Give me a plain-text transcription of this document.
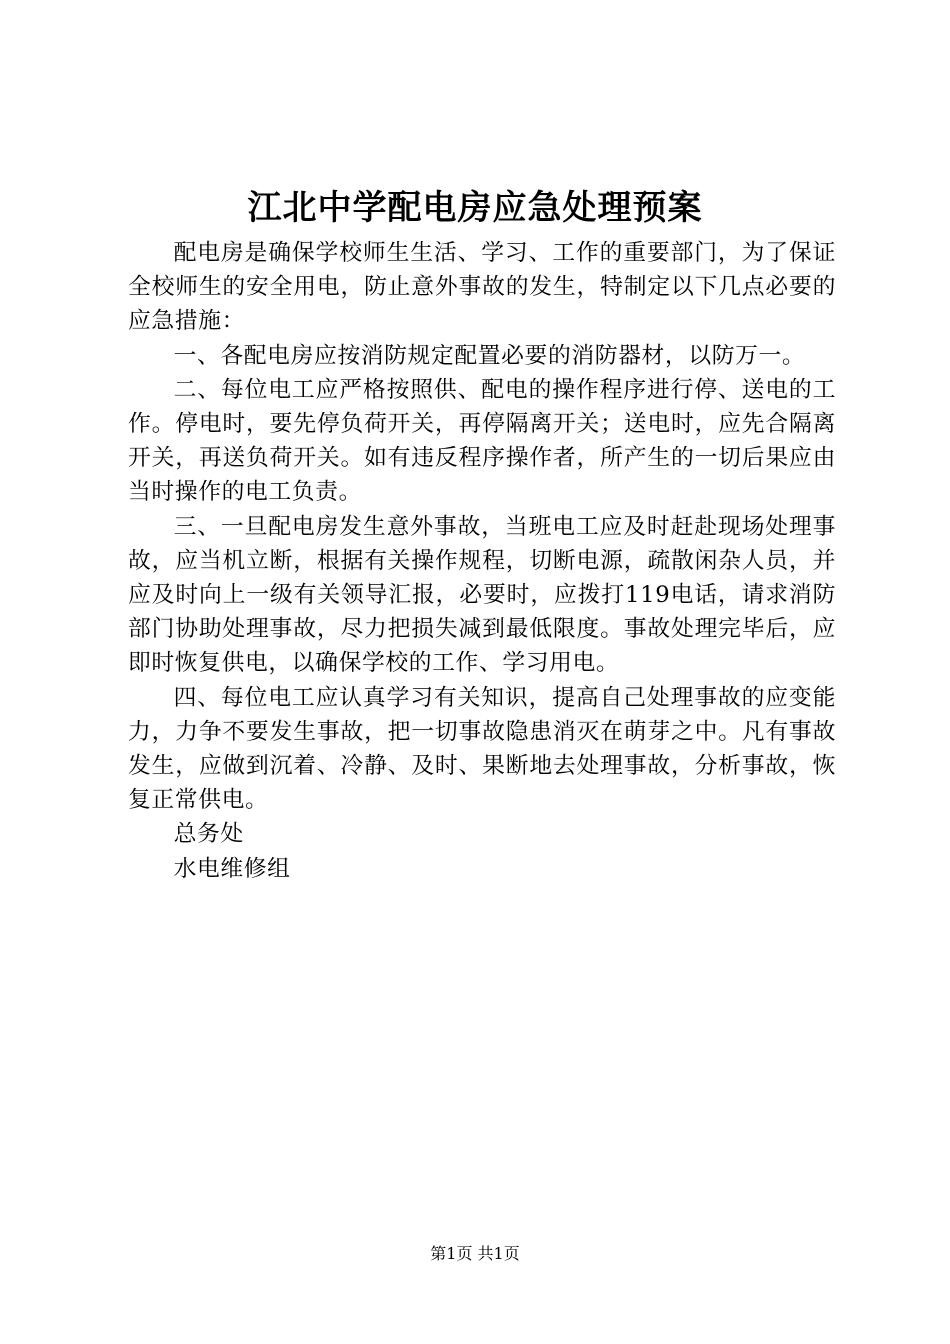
江北中学配电房应急处理预案

配电房是确保学校师生生活、学习、工作的重要部门，为了保证全校师生的安全用电，防止意外事故的发生，特制定以下几点必要的应急措施：

一、各配电房应按消防规定配置必要的消防器材，以防万一。

二、每位电工应严格按照供、配电的操作程序进行停、送电的工作。停电时，要先停负荷开关，再停隔离开关；送电时，应先合隔离开关，再送负荷开关。如有违反程序操作者，所产生的一切后果应由当时操作的电工负责。

三、一旦配电房发生意外事故，当班电工应及时赶赴现场处理事故，应当机立断，根据有关操作规程，切断电源，疏散闲杂人员，并应及时向上一级有关领导汇报，必要时，应拨打119电话，请求消防部门协助处理事故，尽力把损失减到最低限度。事故处理完毕后，应即时恢复供电，以确保学校的工作、学习用电。

四、每位电工应认真学习有关知识，提高自己处理事故的应变能力，力争不要发生事故，把一切事故隐患消灭在萌芽之中。凡有事故发生，应做到沉着、冷静、及时、果断地去处理事故，分析事故，恢复正常供电。

总务处

水电维修组

第1页 共1页
